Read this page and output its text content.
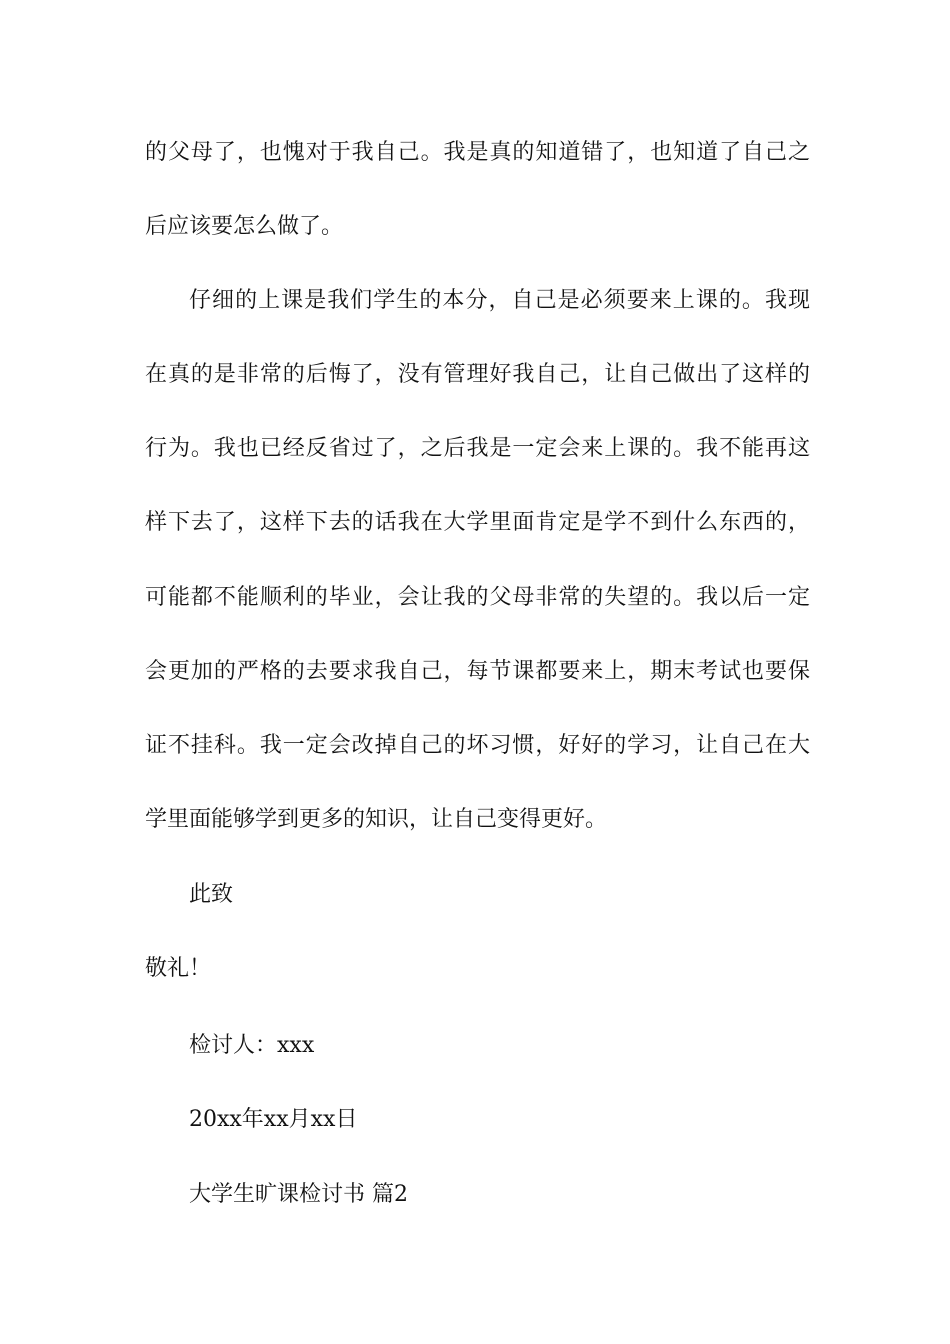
的父母了，也愧对于我自己。我是真的知道错了，也知道了自己之
后应该要怎么做了。
仔细的上课是我们学生的本分，自己是必须要来上课的。我现
在真的是非常的后悔了，没有管理好我自己，让自己做出了这样的
行为。我也已经反省过了，之后我是一定会来上课的。我不能再这
样下去了，这样下去的话我在大学里面肯定是学不到什么东西的，
可能都不能顺利的毕业，会让我的父母非常的失望的。我以后一定
会更加的严格的去要求我自己，每节课都要来上，期末考试也要保
证不挂科。我一定会改掉自己的坏习惯，好好的学习，让自己在大
学里面能够学到更多的知识，让自己变得更好。
此致
敬礼！
检讨人：xxx
20xx年xx月xx日
大学生旷课检讨书 篇2
